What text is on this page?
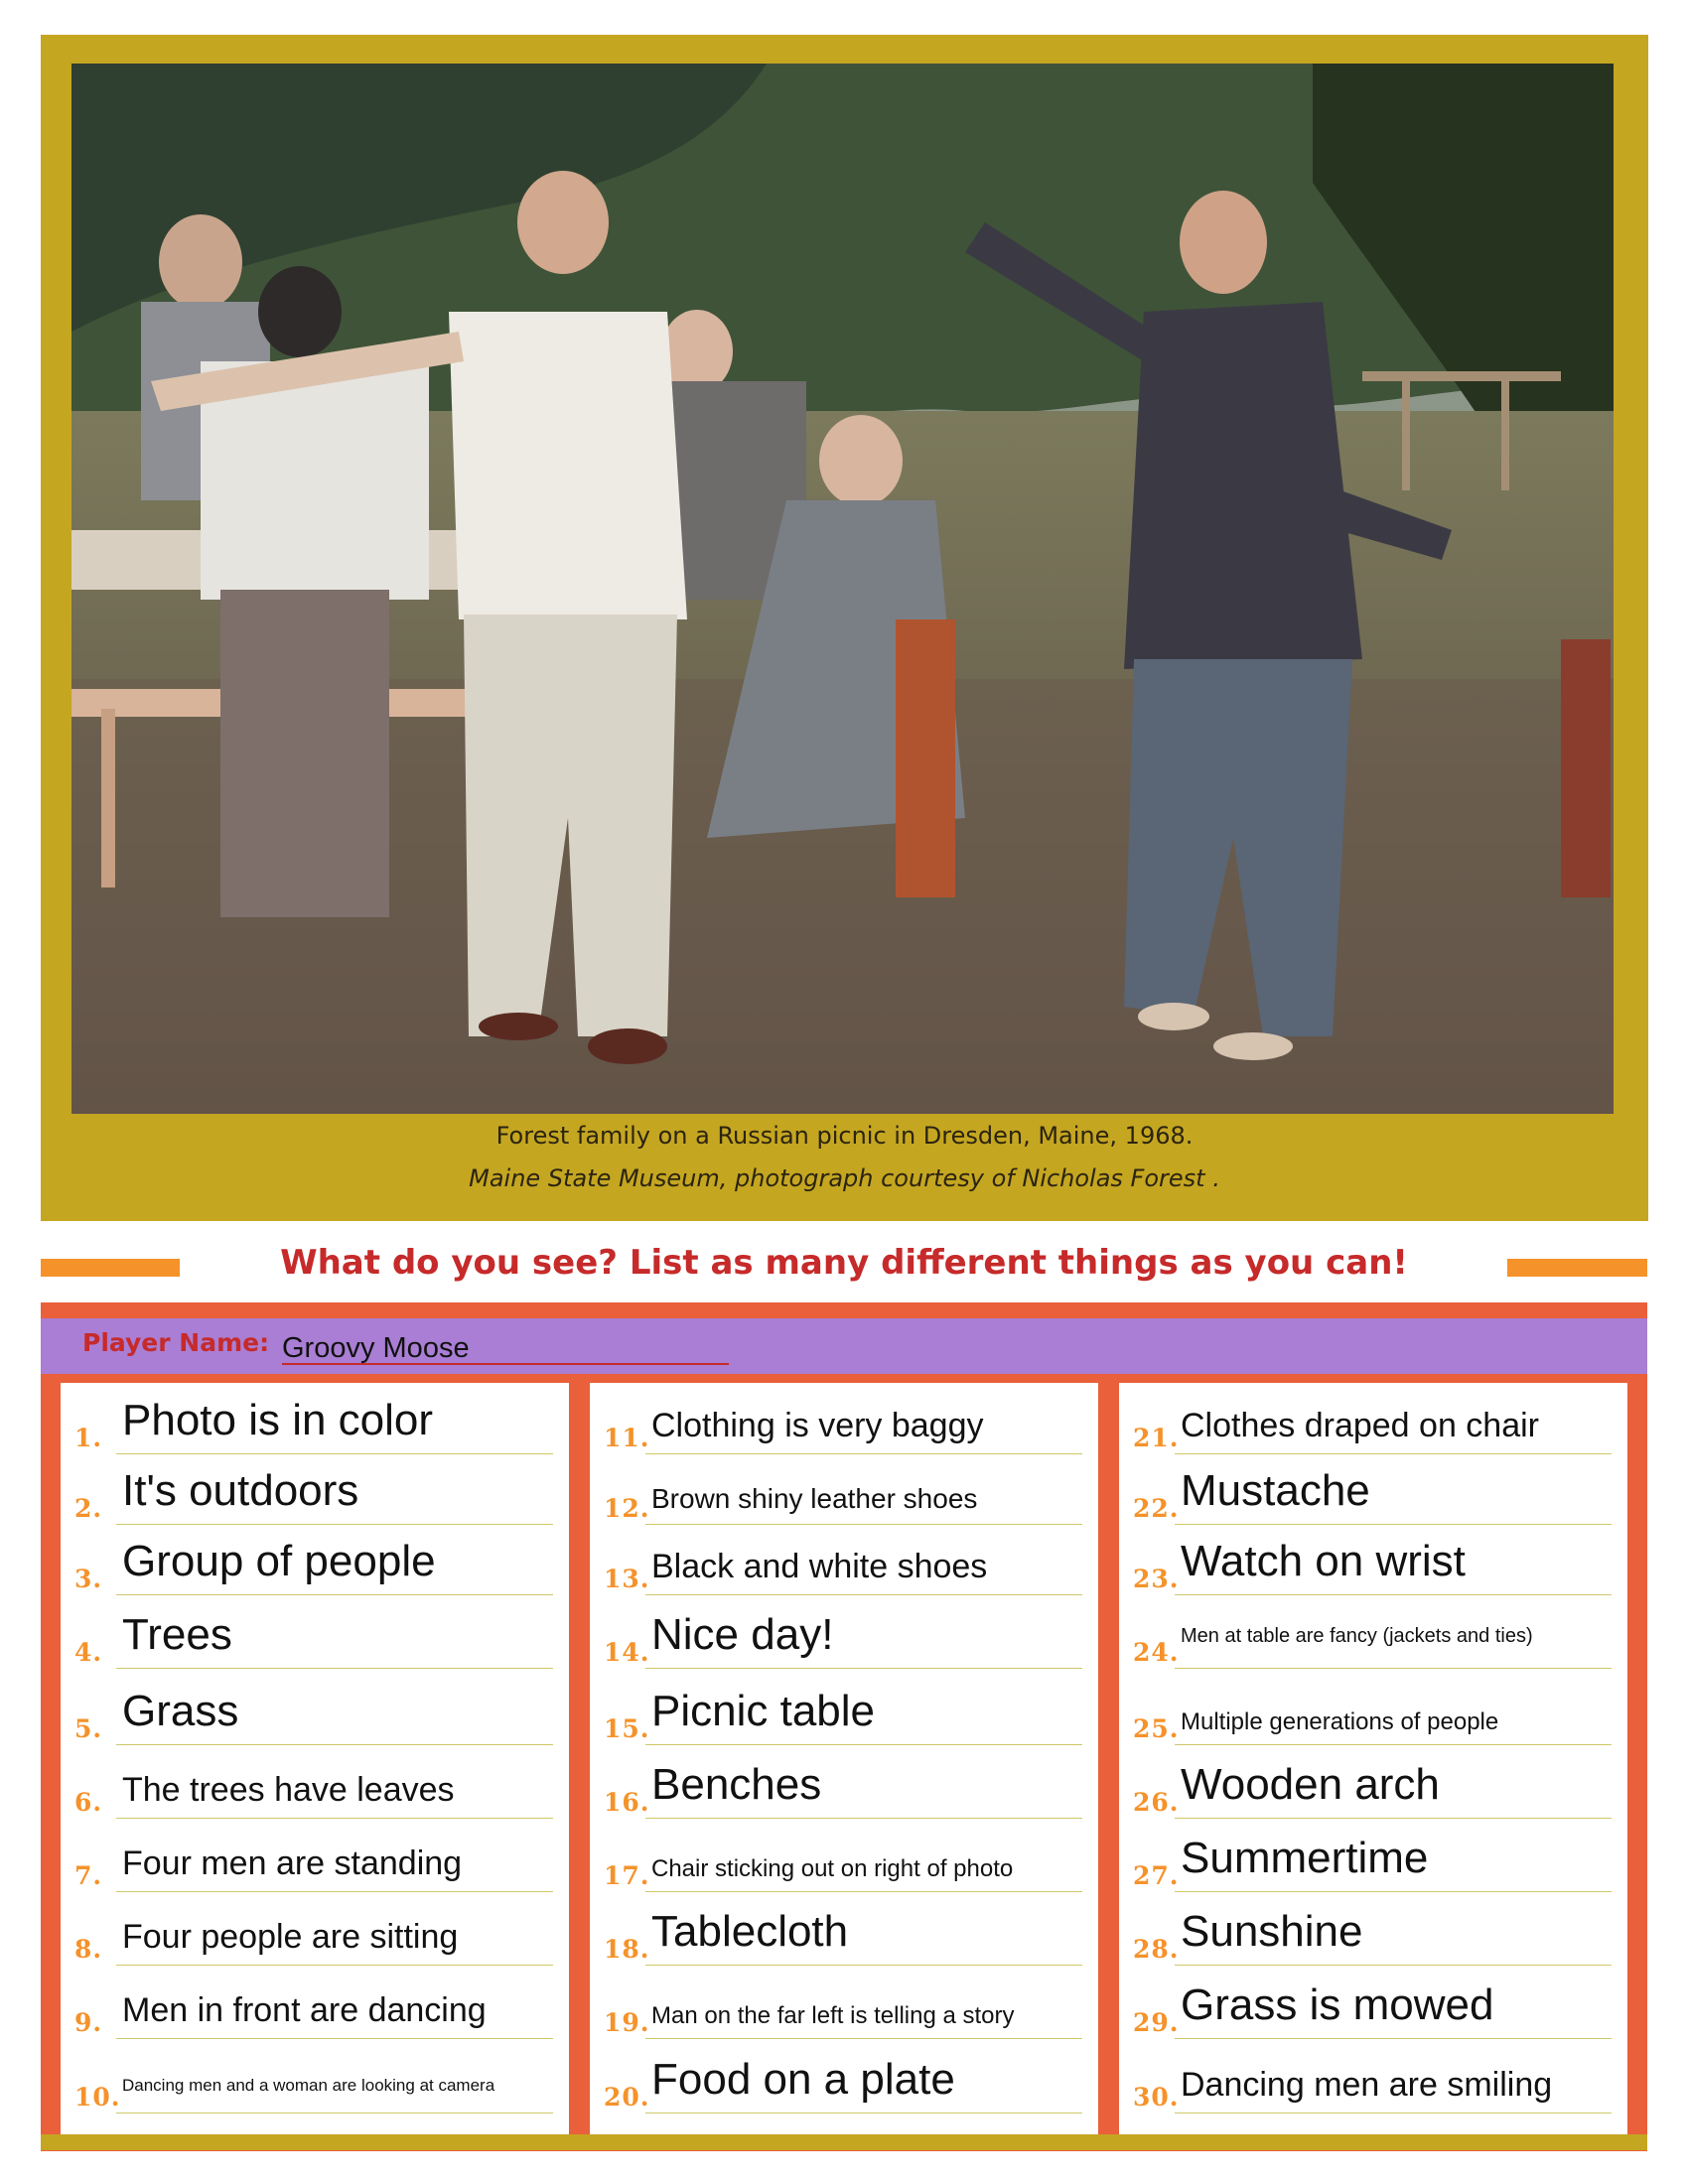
Forest family on a Russian picnic in Dresden, Maine, 1968.
Maine State Museum, photograph courtesy of Nicholas Forest .
What do you see? List as many different things as you can!
Player Name: Groovy Moose
1. Photo is in color
2. It's outdoors
3. Group of people
4. Trees
5. Grass
6. The trees have leaves
7. Four men are standing
8. Four people are sitting
9. Men in front are dancing
10. Dancing men and a woman are looking at camera
11. Clothing is very baggy
12. Brown shiny leather shoes
13. Black and white shoes
14. Nice day!
15. Picnic table
16. Benches
17. Chair sticking out on right of photo
18. Tablecloth
19. Man on the far left is telling a story
20. Food on a plate
21. Clothes draped on chair
22. Mustache
23. Watch on wrist
24.
Men at table are fancy (jackets and ties)
25. Multiple generations of people
26. Wooden arch
27. Summertime
28. Sunshine
29. Grass is mowed
30. Dancing men are smiling
